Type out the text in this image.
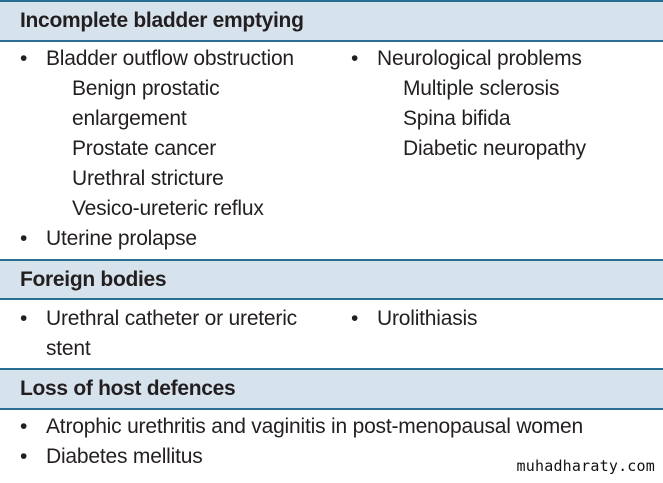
Incomplete bladder emptying
• Bladder outflow obstruction
Benign prostatic
enlargement
Prostate cancer
Urethral stricture
Vesico-ureteric reflux
• Uterine prolapse
• Neurological problems
Multiple sclerosis
Spina bifida
Diabetic neuropathy
Foreign bodies
• Urethral catheter or ureteric
stent
• Urolithiasis
Loss of host defences
• Atrophic urethritis and vaginitis in post-menopausal women
• Diabetes mellitus	muhadharaty.com
